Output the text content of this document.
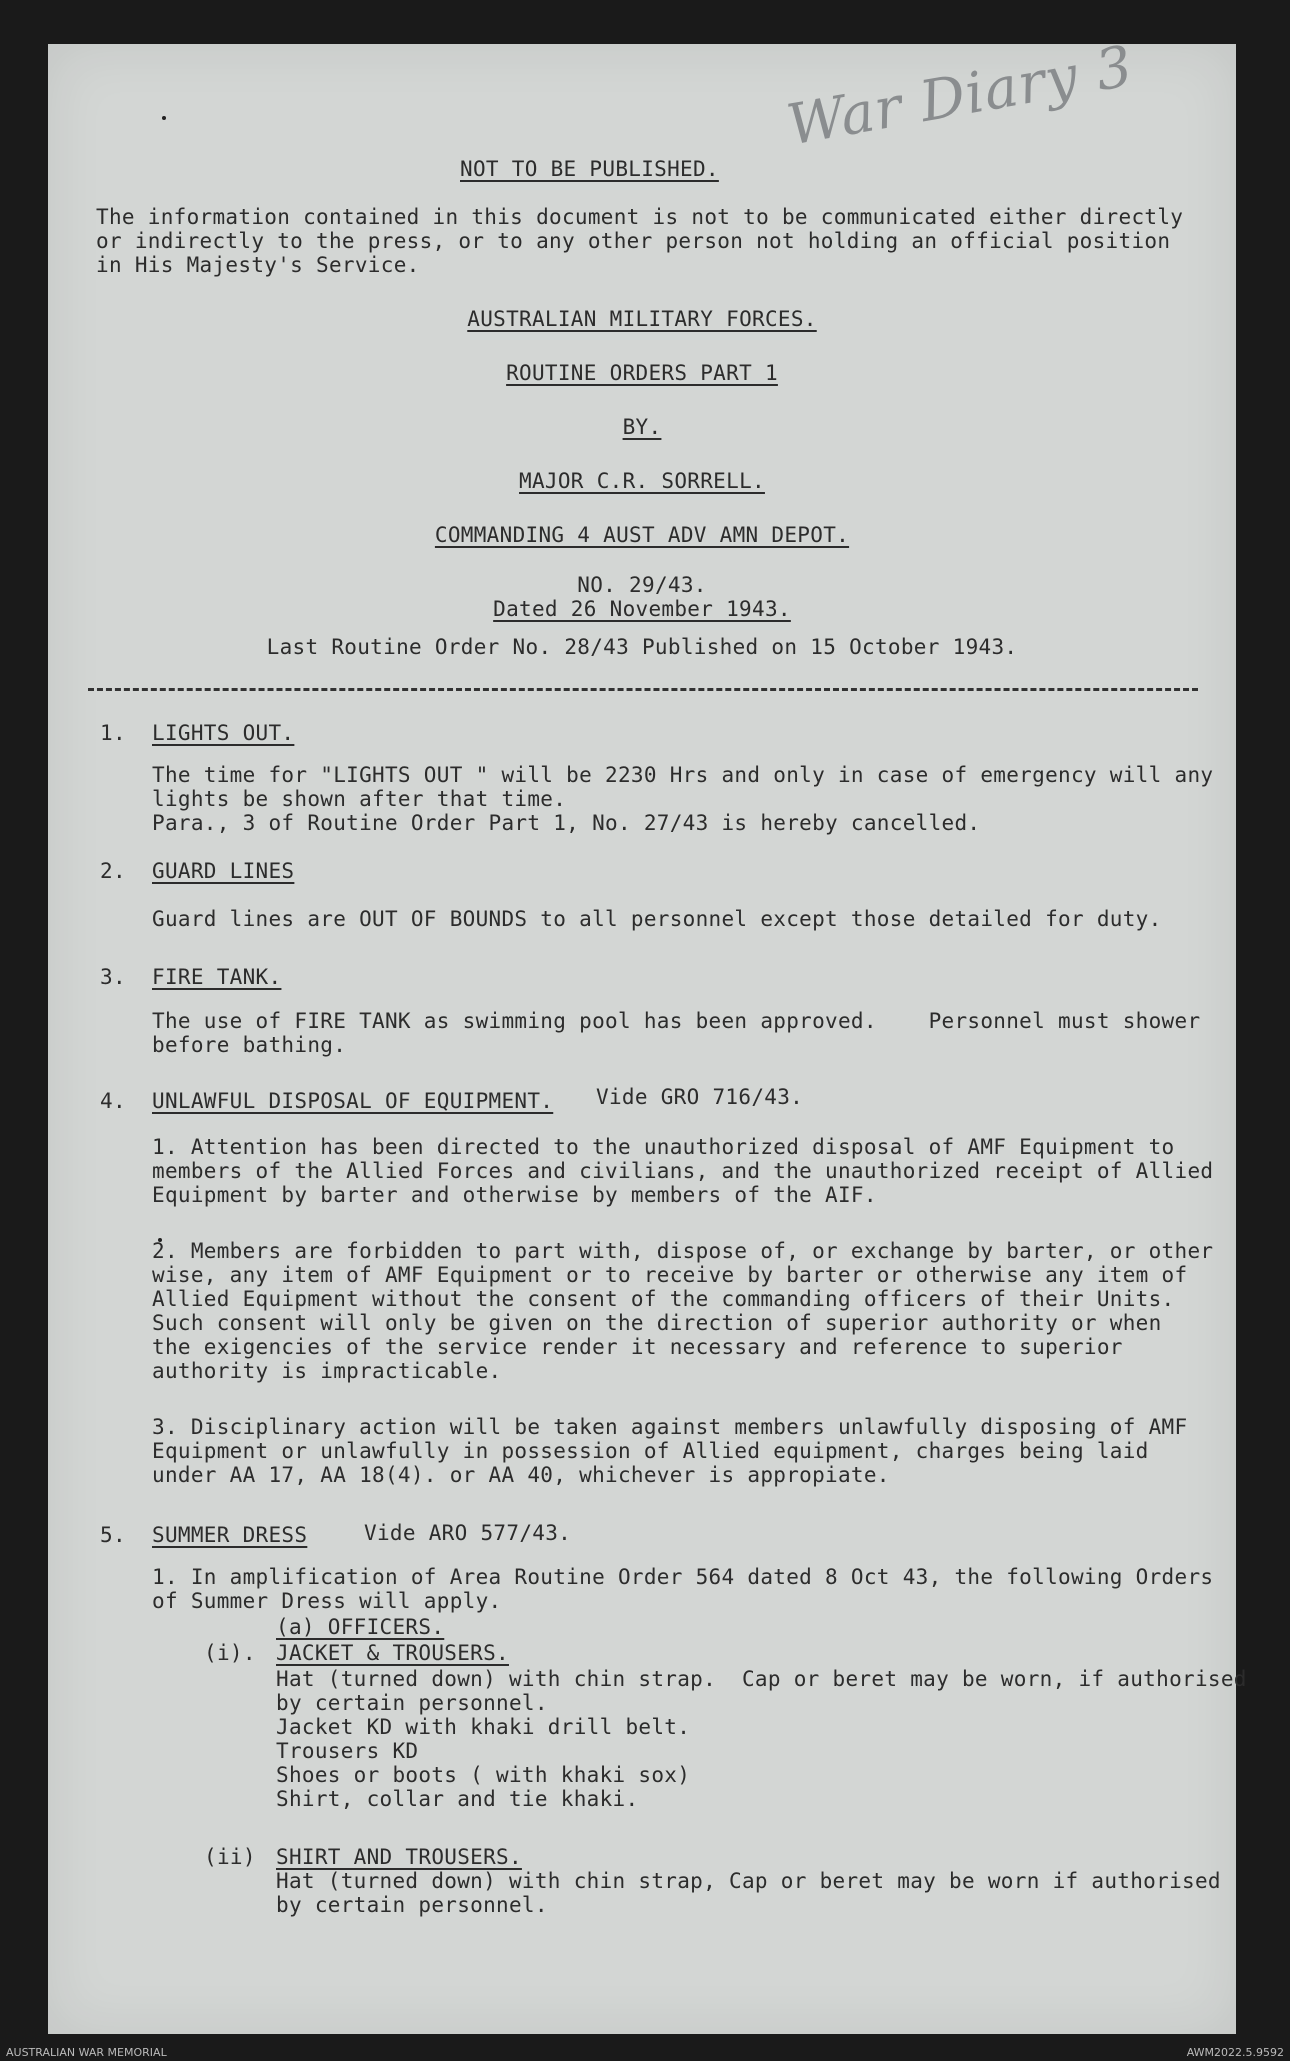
War Diary 3
NOT TO BE PUBLISHED.
The information contained in this document is not to be communicated either directly
or indirectly to the press, or to any other person not holding an official position
in His Majesty's Service.
AUSTRALIAN MILITARY FORCES.
ROUTINE ORDERS PART 1
BY.
MAJOR C.R. SORRELL.
COMMANDING 4 AUST ADV AMN DEPOT.
NO. 29/43.
Dated 26 November 1943.
Last Routine Order No. 28/43 Published on 15 October 1943.
1. LIGHTS OUT.
The time for "LIGHTS OUT " will be 2230 Hrs and only in case of emergency will any
lights be shown after that time.
Para., 3 of Routine Order Part 1, No. 27/43 is hereby cancelled.
2. GUARD LINES
Guard lines are OUT OF BOUNDS to all personnel except those detailed for duty.
3. FIRE TANK.
The use of FIRE TANK as swimming pool has been approved.    Personnel must shower
before bathing.
4. UNLAWFUL DISPOSAL OF EQUIPMENT. Vide GRO 716/43.
1. Attention has been directed to the unauthorized disposal of AMF Equipment to
members of the Allied Forces and civilians, and the unauthorized receipt of Allied
Equipment by barter and otherwise by members of the AIF.
2. Members are forbidden to part with, dispose of, or exchange by barter, or other
wise, any item of AMF Equipment or to receive by barter or otherwise any item of
Allied Equipment without the consent of the commanding officers of their Units.
Such consent will only be given on the direction of superior authority or when
the exigencies of the service render it necessary and reference to superior
authority is impracticable.
3. Disciplinary action will be taken against members unlawfully disposing of AMF
Equipment or unlawfully in possession of Allied equipment, charges being laid
under AA 17, AA 18(4). or AA 40, whichever is appropiate.
5. SUMMER DRESS	Vide ARO 577/43.
1. In amplification of Area Routine Order 564 dated 8 Oct 43, the following Orders
of Summer Dress will apply.
(a) OFFICERS.
(i). JACKET & TROUSERS.
Hat (turned down) with chin strap.  Cap or beret may be worn, if authorised
by certain personnel.
Jacket KD with khaki drill belt.
Trousers KD
Shoes or boots ( with khaki sox)
Shirt, collar and tie khaki.
(ii) SHIRT AND TROUSERS.
Hat (turned down) with chin strap, Cap or beret may be worn if authorised
by certain personnel.
AUSTRALIAN WAR MEMORIAL	AWM2022.5.9592
